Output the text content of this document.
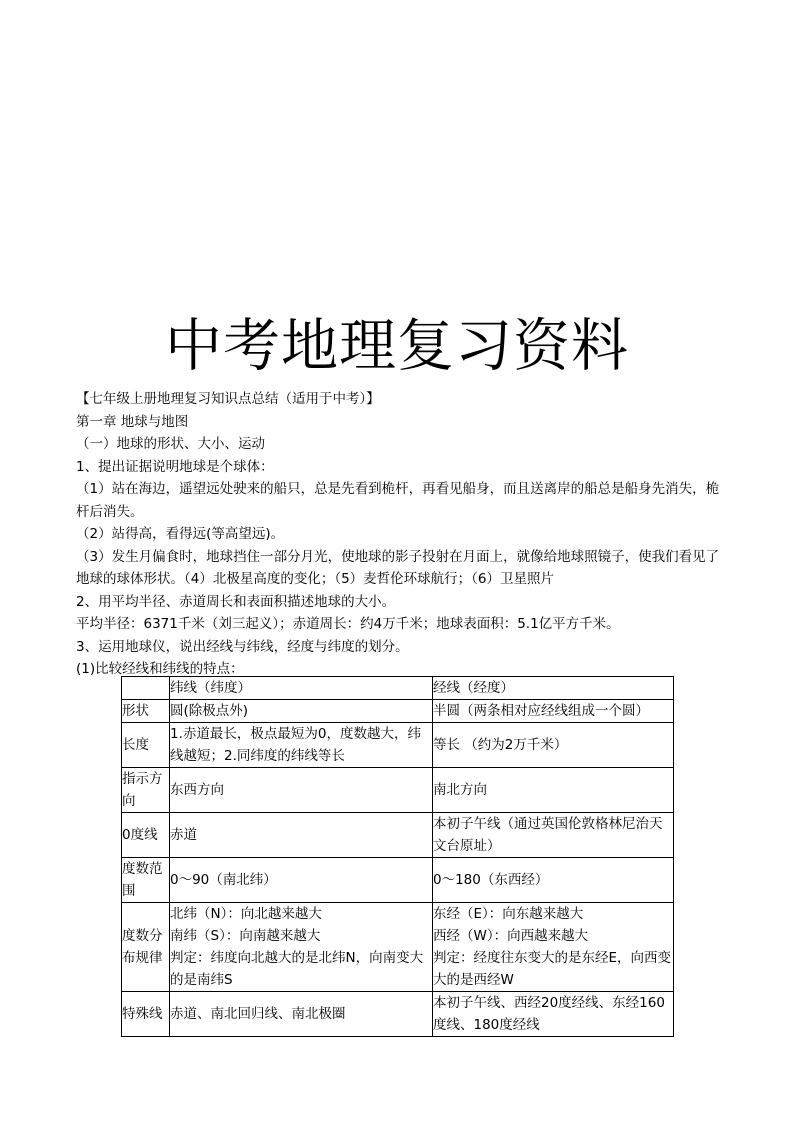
中考地理复习资料

【七年级上册地理复习知识点总结（适用于中考）】

第一章 地球与地图

（一）地球的形状、大小、运动

1、提出证据说明地球是个球体：

（1）站在海边，遥望远处驶来的船只，总是先看到桅杆，再看见船身，而且送离岸的船总是船身先消失，桅杆后消失。

（2）站得高，看得远(等高望远)。

（3）发生月偏食时，地球挡住一部分月光，使地球的影子投射在月面上，就像给地球照镜子，使我们看见了地球的球体形状。（4）北极星高度的变化；（5）麦哲伦环球航行；（6）卫星照片

2、用平均半径、赤道周长和表面积描述地球的大小。

平均半径：6371千米（刘三起义）；赤道周长：约4万千米；地球表面积：5.1亿平方千米。

3、运用地球仪，说出经线与纬线，经度与纬度的划分。

(1)比较经线和纬线的特点：

	纬线（纬度）	经线（经度）
形状	圆(除极点外)	半圆（两条相对应经线组成一个圆）
长度	1.赤道最长，极点最短为0，度数越大，纬线越短；2.同纬度的纬线等长	等长 （约为2万千米）
指示方向	东西方向	南北方向
0度线	赤道	本初子午线（通过英国伦敦格林尼治天文台原址）
度数范围	0～90（南北纬）	0～180（东西经）
度数分布规律	北纬（N）：向北越来越大
南纬（S）：向南越来越大
判定：纬度向北越大的是北纬N，向南变大的是南纬S	东经（E）：向东越来越大
西经（W）：向西越来越大
判定：经度往东变大的是东经E，向西变大的是西经W
特殊线	赤道、南北回归线、南北极圈	本初子午线、西经20度经线、东经160度线、180度经线
